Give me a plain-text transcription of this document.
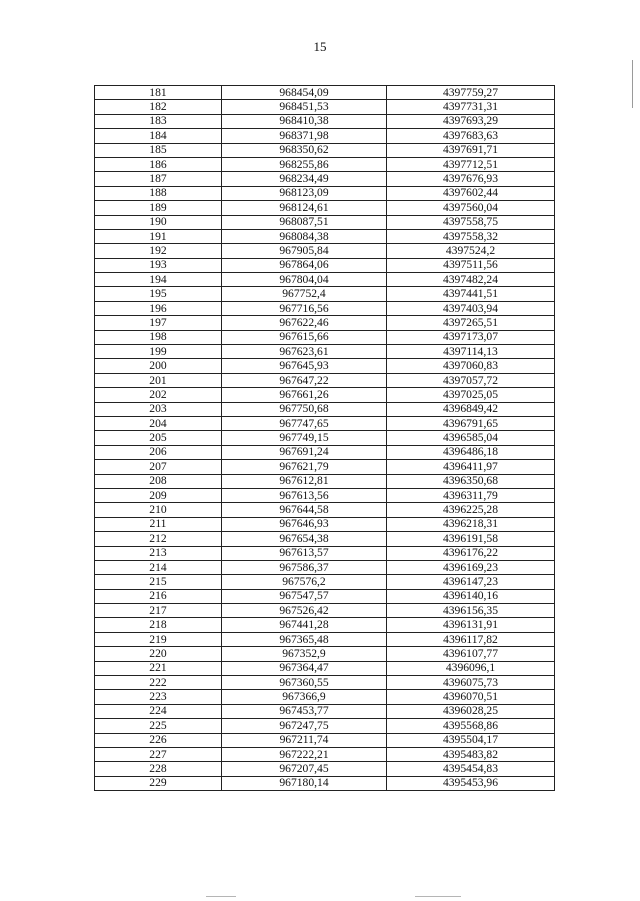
15
181	968454,09	4397759,27
182	968451,53	4397731,31
183	968410,38	4397693,29
184	968371,98	4397683,63
185	968350,62	4397691,71
186	968255,86	4397712,51
187	968234,49	4397676,93
188	968123,09	4397602,44
189	968124,61	4397560,04
190	968087,51	4397558,75
191	968084,38	4397558,32
192	967905,84	4397524,2
193	967864,06	4397511,56
194	967804,04	4397482,24
195	967752,4	4397441,51
196	967716,56	4397403,94
197	967622,46	4397265,51
198	967615,66	4397173,07
199	967623,61	4397114,13
200	967645,93	4397060,83
201	967647,22	4397057,72
202	967661,26	4397025,05
203	967750,68	4396849,42
204	967747,65	4396791,65
205	967749,15	4396585,04
206	967691,24	4396486,18
207	967621,79	4396411,97
208	967612,81	4396350,68
209	967613,56	4396311,79
210	967644,58	4396225,28
211	967646,93	4396218,31
212	967654,38	4396191,58
213	967613,57	4396176,22
214	967586,37	4396169,23
215	967576,2	4396147,23
216	967547,57	4396140,16
217	967526,42	4396156,35
218	967441,28	4396131,91
219	967365,48	4396117,82
220	967352,9	4396107,77
221	967364,47	4396096,1
222	967360,55	4396075,73
223	967366,9	4396070,51
224	967453,77	4396028,25
225	967247,75	4395568,86
226	967211,74	4395504,17
227	967222,21	4395483,82
228	967207,45	4395454,83
229	967180,14	4395453,96
